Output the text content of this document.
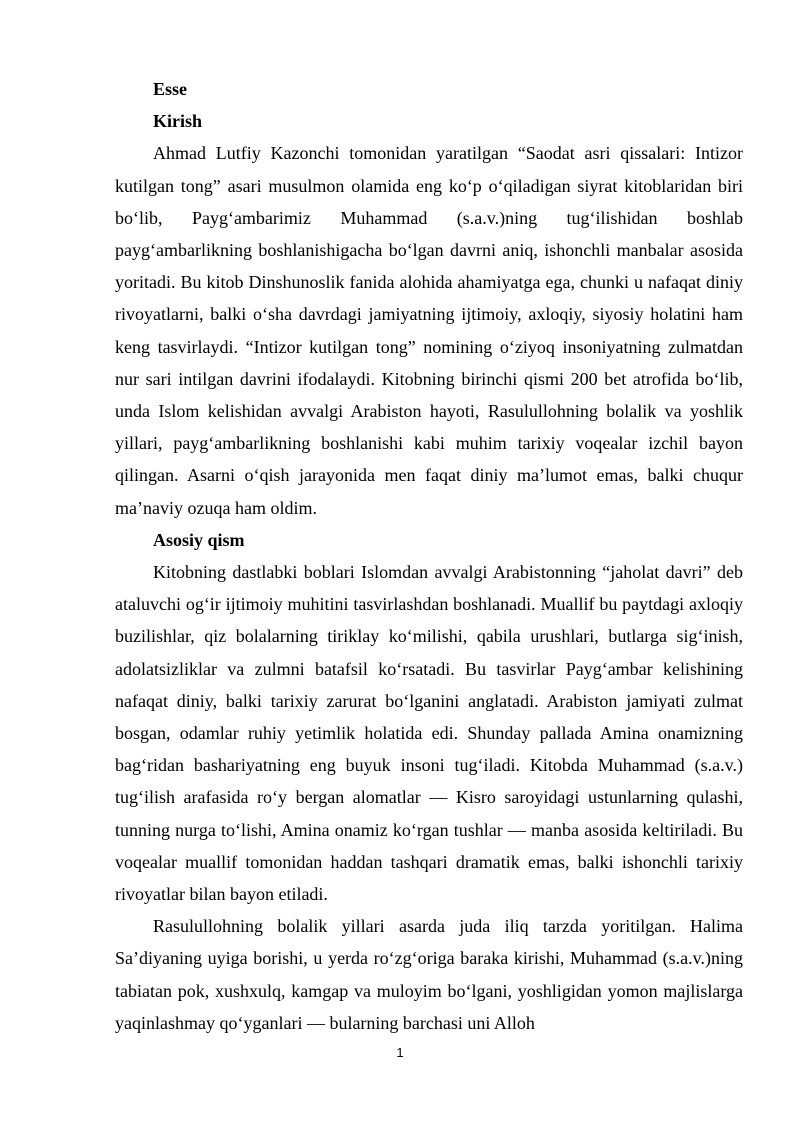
Esse

Kirish

Ahmad Lutfiy Kazonchi tomonidan yaratilgan “Saodat asri qissalari: Intizor kutilgan tong” asari musulmon olamida eng ko‘p o‘qiladigan siyrat kitoblaridan biri bo‘lib, Payg‘ambarimiz Muhammad (s.a.v.)ning tug‘ilishidan boshlab payg‘ambarlikning boshlanishigacha bo‘lgan davrni aniq, ishonchli manbalar asosida yoritadi. Bu kitob Dinshunoslik fanida alohida ahamiyatga ega, chunki u nafaqat diniy rivoyatlarni, balki o‘sha davrdagi jamiyatning ijtimoiy, axloqiy, siyosiy holatini ham keng tasvirlaydi. “Intizor kutilgan tong” nomining o‘ziyoq insoniyatning zulmatdan nur sari intilgan davrini ifodalaydi. Kitobning birinchi qismi 200 bet atrofida bo‘lib, unda Islom kelishidan avvalgi Arabiston hayoti, Rasulullohning bolalik va yoshlik yillari, payg‘ambarlikning boshlanishi kabi muhim tarixiy voqealar izchil bayon qilingan. Asarni o‘qish jarayonida men faqat diniy ma’lumot emas, balki chuqur ma’naviy ozuqa ham oldim.

Asosiy qism

Kitobning dastlabki boblari Islomdan avvalgi Arabistonning “jaholat davri” deb ataluvchi og‘ir ijtimoiy muhitini tasvirlashdan boshlanadi. Muallif bu paytdagi axloqiy buzilishlar, qiz bolalarning tiriklay ko‘milishi, qabila urushlari, butlarga sig‘inish, adolatsizliklar va zulmni batafsil ko‘rsatadi. Bu tasvirlar Payg‘ambar kelishining nafaqat diniy, balki tarixiy zarurat bo‘lganini anglatadi. Arabiston jamiyati zulmat bosgan, odamlar ruhiy yetimlik holatida edi. Shunday pallada Amina onamizning bag‘ridan bashariyatning eng buyuk insoni tug‘iladi. Kitobda Muhammad (s.a.v.) tug‘ilish arafasida ro‘y bergan alomatlar — Kisro saroyidagi ustunlarning qulashi, tunning nurga to‘lishi, Amina onamiz ko‘rgan tushlar — manba asosida keltiriladi. Bu voqealar muallif tomonidan haddan tashqari dramatik emas, balki ishonchli tarixiy rivoyatlar bilan bayon etiladi.

Rasulullohning bolalik yillari asarda juda iliq tarzda yoritilgan. Halima Sa’diyaning uyiga borishi, u yerda ro‘zg‘origa baraka kirishi, Muhammad (s.a.v.)ning tabiatan pok, xushxulq, kamgap va muloyim bo‘lgani, yoshligidan yomon majlislarga yaqinlashmay qo‘yganlari — bularning barchasi uni Alloh

1
